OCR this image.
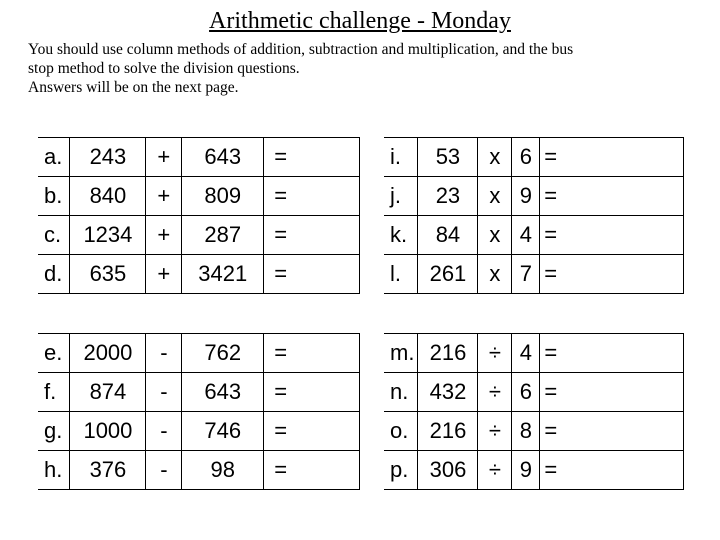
Arithmetic challenge - Monday

You should use column methods of addition, subtraction and multiplication, and the bus

stop method to solve the division questions.

Answers will be on the next page.

a.	243	+	643	=
b.	840	+	809	=
c.	1234	+	287	=
d.	635	+	3421	=
i.	53	x	6	=
j.	23	x	9	=
k.	84	x	4	=
l.	261	x	7	=
e.	2000	-	762	=
f.	874	-	643	=
g.	1000	-	746	=
h.	376	-	98	=
m.	216	÷	4	=
n.	432	÷	6	=
o.	216	÷	8	=
p.	306	÷	9	=
